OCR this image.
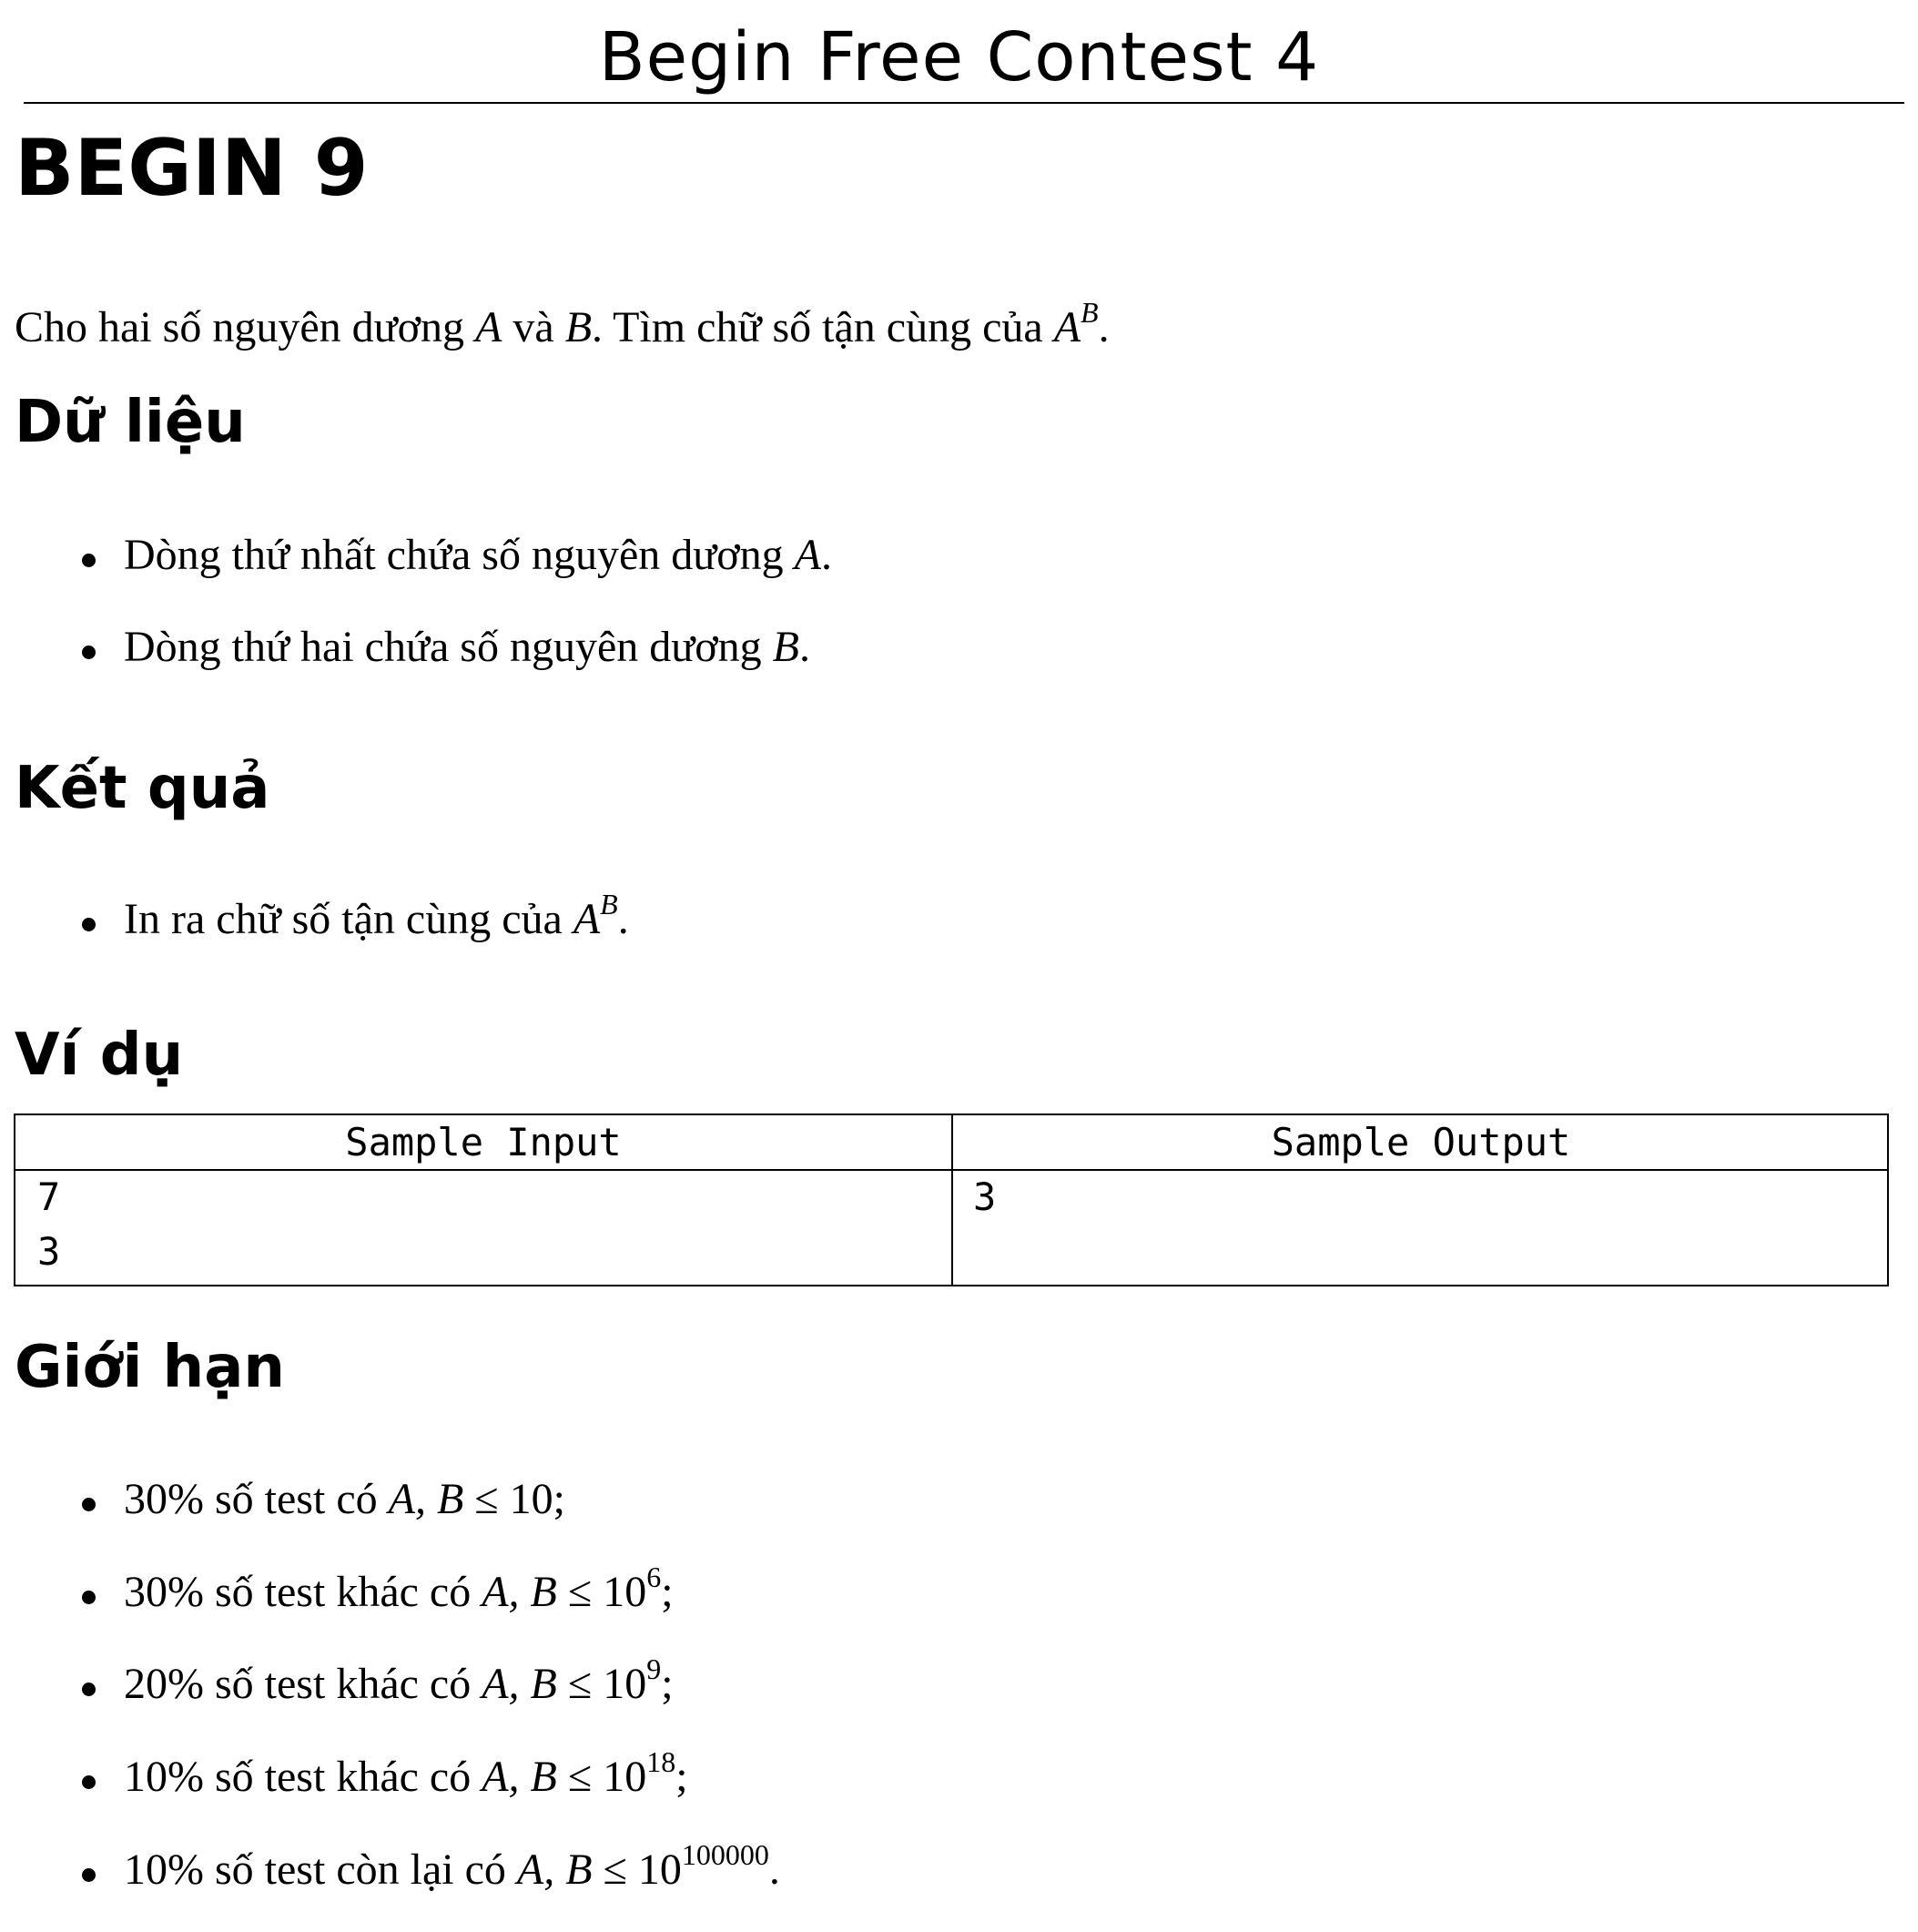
Begin Free Contest 4
BEGIN 9
Cho hai số nguyên dương A và B. Tìm chữ số tận cùng của $A^B$.
Dữ liệu
Dòng thứ nhất chứa số nguyên dương A.
Dòng thứ hai chứa số nguyên dương B.
Kết quả
In ra chữ số tận cùng của $A^B$.
Ví dụ
Sample Input	Sample Output
7
3
3
Giới hạn
30% số test có A, B ≤ 10;
30% số test khác có A, $B \le 10^6$;
20% số test khác có A, $B \le 10^9$;
10% số test khác có A, $B \le 10^{18}$;
10% số test còn lại có A, $B \le 10^{100000}$.
